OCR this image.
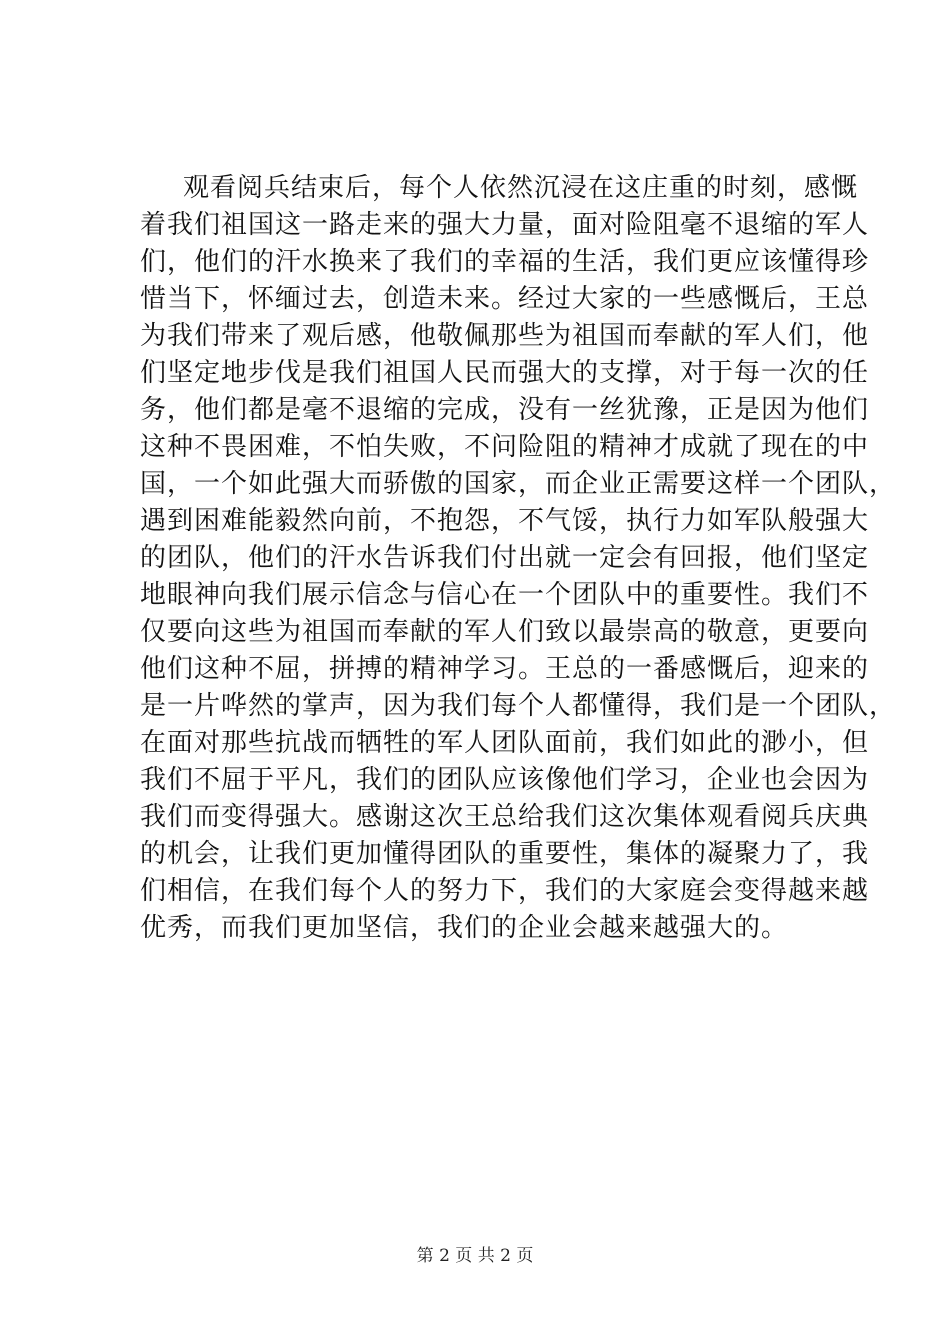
观看阅兵结束后，每个人依然沉浸在这庄重的时刻，感慨
着我们祖国这一路走来的强大力量，面对险阻毫不退缩的军人
们，他们的汗水换来了我们的幸福的生活，我们更应该懂得珍
惜当下，怀缅过去，创造未来。经过大家的一些感慨后，王总
为我们带来了观后感，他敬佩那些为祖国而奉献的军人们，他
们坚定地步伐是我们祖国人民而强大的支撑，对于每一次的任
务，他们都是毫不退缩的完成，没有一丝犹豫，正是因为他们
这种不畏困难，不怕失败，不问险阻的精神才成就了现在的中
国，一个如此强大而骄傲的国家，而企业正需要这样一个团队，
遇到困难能毅然向前，不抱怨，不气馁，执行力如军队般强大
的团队，他们的汗水告诉我们付出就一定会有回报，他们坚定
地眼神向我们展示信念与信心在一个团队中的重要性。我们不
仅要向这些为祖国而奉献的军人们致以最崇高的敬意，更要向
他们这种不屈，拼搏的精神学习。王总的一番感慨后，迎来的
是一片哗然的掌声，因为我们每个人都懂得，我们是一个团队，
在面对那些抗战而牺牲的军人团队面前，我们如此的渺小，但
我们不屈于平凡，我们的团队应该像他们学习，企业也会因为
我们而变得强大。感谢这次王总给我们这次集体观看阅兵庆典
的机会，让我们更加懂得团队的重要性，集体的凝聚力了，我
们相信，在我们每个人的努力下，我们的大家庭会变得越来越
优秀，而我们更加坚信，我们的企业会越来越强大的。
第 2 页 共 2 页
